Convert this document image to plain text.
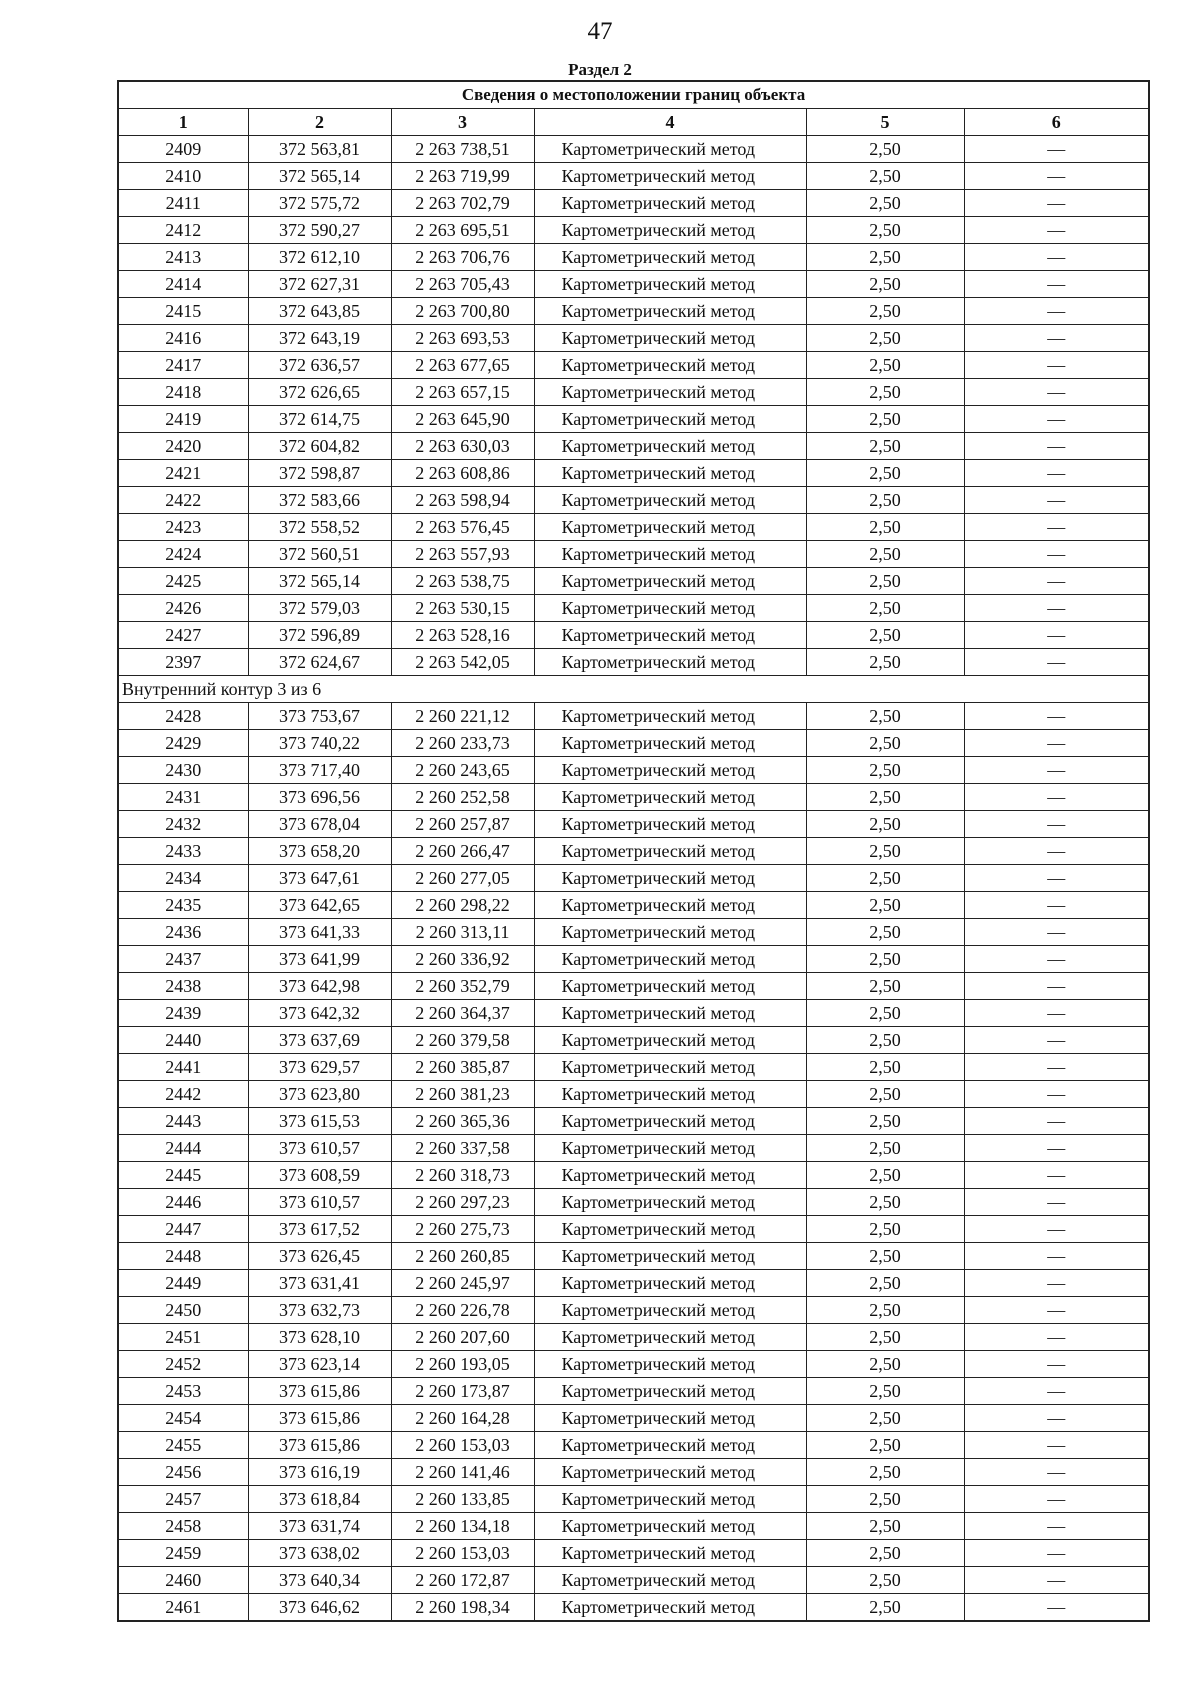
47
Раздел 2
Сведения о местоположении границ объекта					
1	2	3	4	5	6
2409	372 563,81	2 263 738,51	Картометрический метод	2,50	—
2410	372 565,14	2 263 719,99	Картометрический метод	2,50	—
2411	372 575,72	2 263 702,79	Картометрический метод	2,50	—
2412	372 590,27	2 263 695,51	Картометрический метод	2,50	—
2413	372 612,10	2 263 706,76	Картометрический метод	2,50	—
2414	372 627,31	2 263 705,43	Картометрический метод	2,50	—
2415	372 643,85	2 263 700,80	Картометрический метод	2,50	—
2416	372 643,19	2 263 693,53	Картометрический метод	2,50	—
2417	372 636,57	2 263 677,65	Картометрический метод	2,50	—
2418	372 626,65	2 263 657,15	Картометрический метод	2,50	—
2419	372 614,75	2 263 645,90	Картометрический метод	2,50	—
2420	372 604,82	2 263 630,03	Картометрический метод	2,50	—
2421	372 598,87	2 263 608,86	Картометрический метод	2,50	—
2422	372 583,66	2 263 598,94	Картометрический метод	2,50	—
2423	372 558,52	2 263 576,45	Картометрический метод	2,50	—
2424	372 560,51	2 263 557,93	Картометрический метод	2,50	—
2425	372 565,14	2 263 538,75	Картометрический метод	2,50	—
2426	372 579,03	2 263 530,15	Картометрический метод	2,50	—
2427	372 596,89	2 263 528,16	Картометрический метод	2,50	—
2397	372 624,67	2 263 542,05	Картометрический метод	2,50	—
Внутренний контур 3 из 6					
2428	373 753,67	2 260 221,12	Картометрический метод	2,50	—
2429	373 740,22	2 260 233,73	Картометрический метод	2,50	—
2430	373 717,40	2 260 243,65	Картометрический метод	2,50	—
2431	373 696,56	2 260 252,58	Картометрический метод	2,50	—
2432	373 678,04	2 260 257,87	Картометрический метод	2,50	—
2433	373 658,20	2 260 266,47	Картометрический метод	2,50	—
2434	373 647,61	2 260 277,05	Картометрический метод	2,50	—
2435	373 642,65	2 260 298,22	Картометрический метод	2,50	—
2436	373 641,33	2 260 313,11	Картометрический метод	2,50	—
2437	373 641,99	2 260 336,92	Картометрический метод	2,50	—
2438	373 642,98	2 260 352,79	Картометрический метод	2,50	—
2439	373 642,32	2 260 364,37	Картометрический метод	2,50	—
2440	373 637,69	2 260 379,58	Картометрический метод	2,50	—
2441	373 629,57	2 260 385,87	Картометрический метод	2,50	—
2442	373 623,80	2 260 381,23	Картометрический метод	2,50	—
2443	373 615,53	2 260 365,36	Картометрический метод	2,50	—
2444	373 610,57	2 260 337,58	Картометрический метод	2,50	—
2445	373 608,59	2 260 318,73	Картометрический метод	2,50	—
2446	373 610,57	2 260 297,23	Картометрический метод	2,50	—
2447	373 617,52	2 260 275,73	Картометрический метод	2,50	—
2448	373 626,45	2 260 260,85	Картометрический метод	2,50	—
2449	373 631,41	2 260 245,97	Картометрический метод	2,50	—
2450	373 632,73	2 260 226,78	Картометрический метод	2,50	—
2451	373 628,10	2 260 207,60	Картометрический метод	2,50	—
2452	373 623,14	2 260 193,05	Картометрический метод	2,50	—
2453	373 615,86	2 260 173,87	Картометрический метод	2,50	—
2454	373 615,86	2 260 164,28	Картометрический метод	2,50	—
2455	373 615,86	2 260 153,03	Картометрический метод	2,50	—
2456	373 616,19	2 260 141,46	Картометрический метод	2,50	—
2457	373 618,84	2 260 133,85	Картометрический метод	2,50	—
2458	373 631,74	2 260 134,18	Картометрический метод	2,50	—
2459	373 638,02	2 260 153,03	Картометрический метод	2,50	—
2460	373 640,34	2 260 172,87	Картометрический метод	2,50	—
2461	373 646,62	2 260 198,34	Картометрический метод	2,50	—
